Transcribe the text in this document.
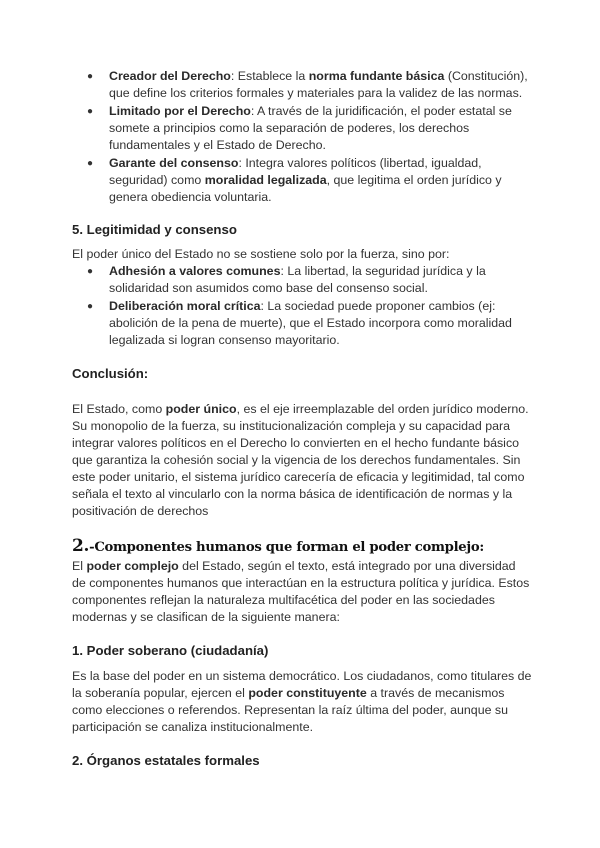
● Creador del Derecho: Establece la norma fundante básica (Constitución), que define los criterios formales y materiales para la validez de las normas.
● Limitado por el Derecho: A través de la juridificación, el poder estatal se somete a principios como la separación de poderes, los derechos fundamentales y el Estado de Derecho.
● Garante del consenso: Integra valores políticos (libertad, igualdad, seguridad) como moralidad legalizada, que legitima el orden jurídico y genera obediencia voluntaria.
5. Legitimidad y consenso

El poder único del Estado no se sostiene solo por la fuerza, sino por:

● Adhesión a valores comunes: La libertad, la seguridad jurídica y la solidaridad son asumidos como base del consenso social.
● Deliberación moral crítica: La sociedad puede proponer cambios (ej: abolición de la pena de muerte), que el Estado incorpora como moralidad legalizada si logran consenso mayoritario.
Conclusión:

El Estado, como poder único, es el eje irreemplazable del orden jurídico moderno. Su monopolio de la fuerza, su institucionalización compleja y su capacidad para integrar valores políticos en el Derecho lo convierten en el hecho fundante básico que garantiza la cohesión social y la vigencia de los derechos fundamentales. Sin este poder unitario, el sistema jurídico carecería de eficacia y legitimidad, tal como señala el texto al vincularlo con la norma básica de identificación de normas y la positivación de derechos

2.-Componentes humanos que forman el poder complejo:

El poder complejo del Estado, según el texto, está integrado por una diversidad de componentes humanos que interactúan en la estructura política y jurídica. Estos componentes reflejan la naturaleza multifacética del poder en las sociedades modernas y se clasifican de la siguiente manera:

1. Poder soberano (ciudadanía)

Es la base del poder en un sistema democrático. Los ciudadanos, como titulares de la soberanía popular, ejercen el poder constituyente a través de mecanismos como elecciones o referendos. Representan la raíz última del poder, aunque su participación se canaliza institucionalmente.

2. Órganos estatales formales
